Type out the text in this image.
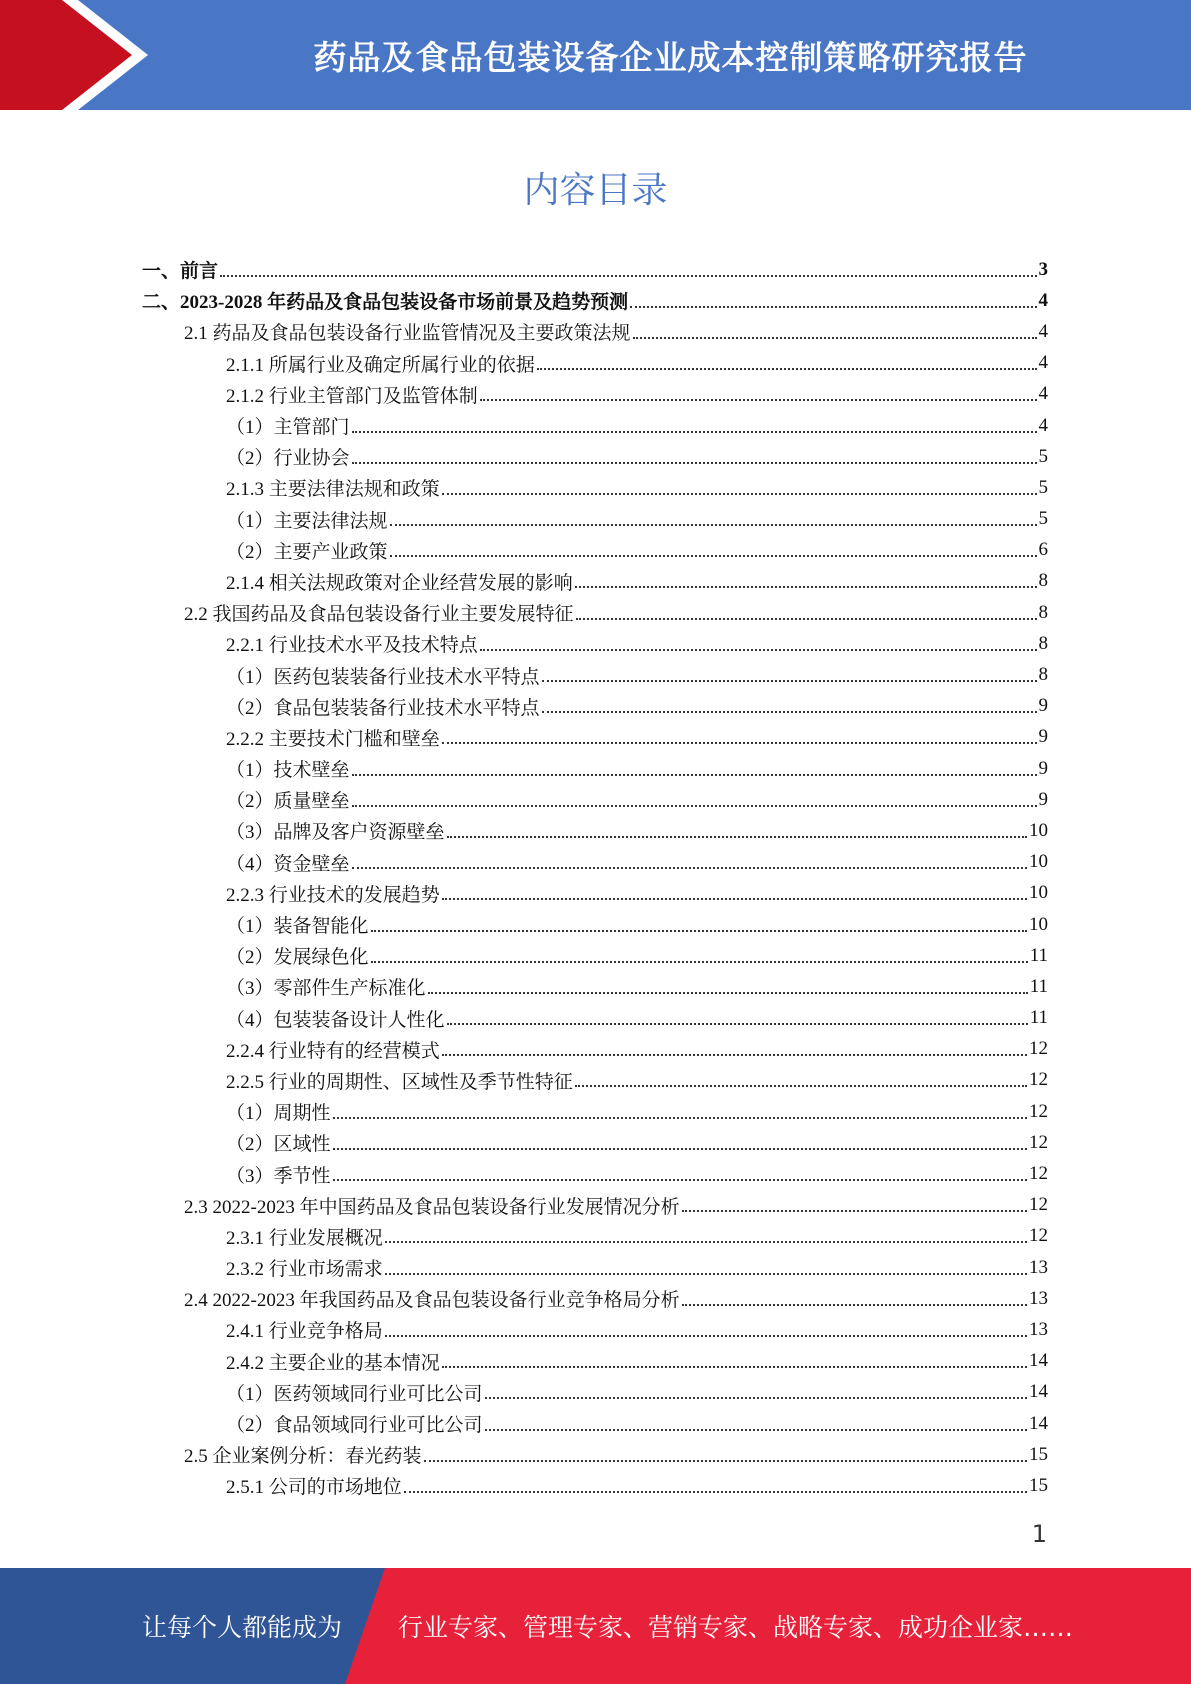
药品及食品包装设备企业成本控制策略研究报告
内容目录
一、前言	3
二、2023-2028 年药品及食品包装设备市场前景及趋势预测	4
2.1 药品及食品包装设备行业监管情况及主要政策法规	4
2.1.1 所属行业及确定所属行业的依据	4
2.1.2 行业主管部门及监管体制	4
（1）主管部门	4
（2）行业协会	5
2.1.3 主要法律法规和政策	5
（1）主要法律法规	5
（2）主要产业政策	6
2.1.4 相关法规政策对企业经营发展的影响	8
2.2 我国药品及食品包装设备行业主要发展特征	8
2.2.1 行业技术水平及技术特点	8
（1）医药包装装备行业技术水平特点	8
（2）食品包装装备行业技术水平特点	9
2.2.2 主要技术门槛和壁垒	9
（1）技术壁垒	9
（2）质量壁垒	9
（3）品牌及客户资源壁垒	10
（4）资金壁垒	10
2.2.3 行业技术的发展趋势	10
（1）装备智能化	10
（2）发展绿色化	11
（3）零部件生产标准化	11
（4）包装装备设计人性化	11
2.2.4 行业特有的经营模式	12
2.2.5 行业的周期性、区域性及季节性特征	12
（1）周期性	12
（2）区域性	12
（3）季节性	12
2.3 2022-2023 年中国药品及食品包装设备行业发展情况分析	12
2.3.1 行业发展概况	12
2.3.2 行业市场需求	13
2.4 2022-2023 年我国药品及食品包装设备行业竞争格局分析	13
2.4.1 行业竞争格局	13
2.4.2 主要企业的基本情况	14
（1）医药领域同行业可比公司	14
（2）食品领域同行业可比公司	14
2.5 企业案例分析：春光药装	15
2.5.1 公司的市场地位	15
1
让每个人都能成为 行业专家、管理专家、营销专家、战略专家、成功企业家……
